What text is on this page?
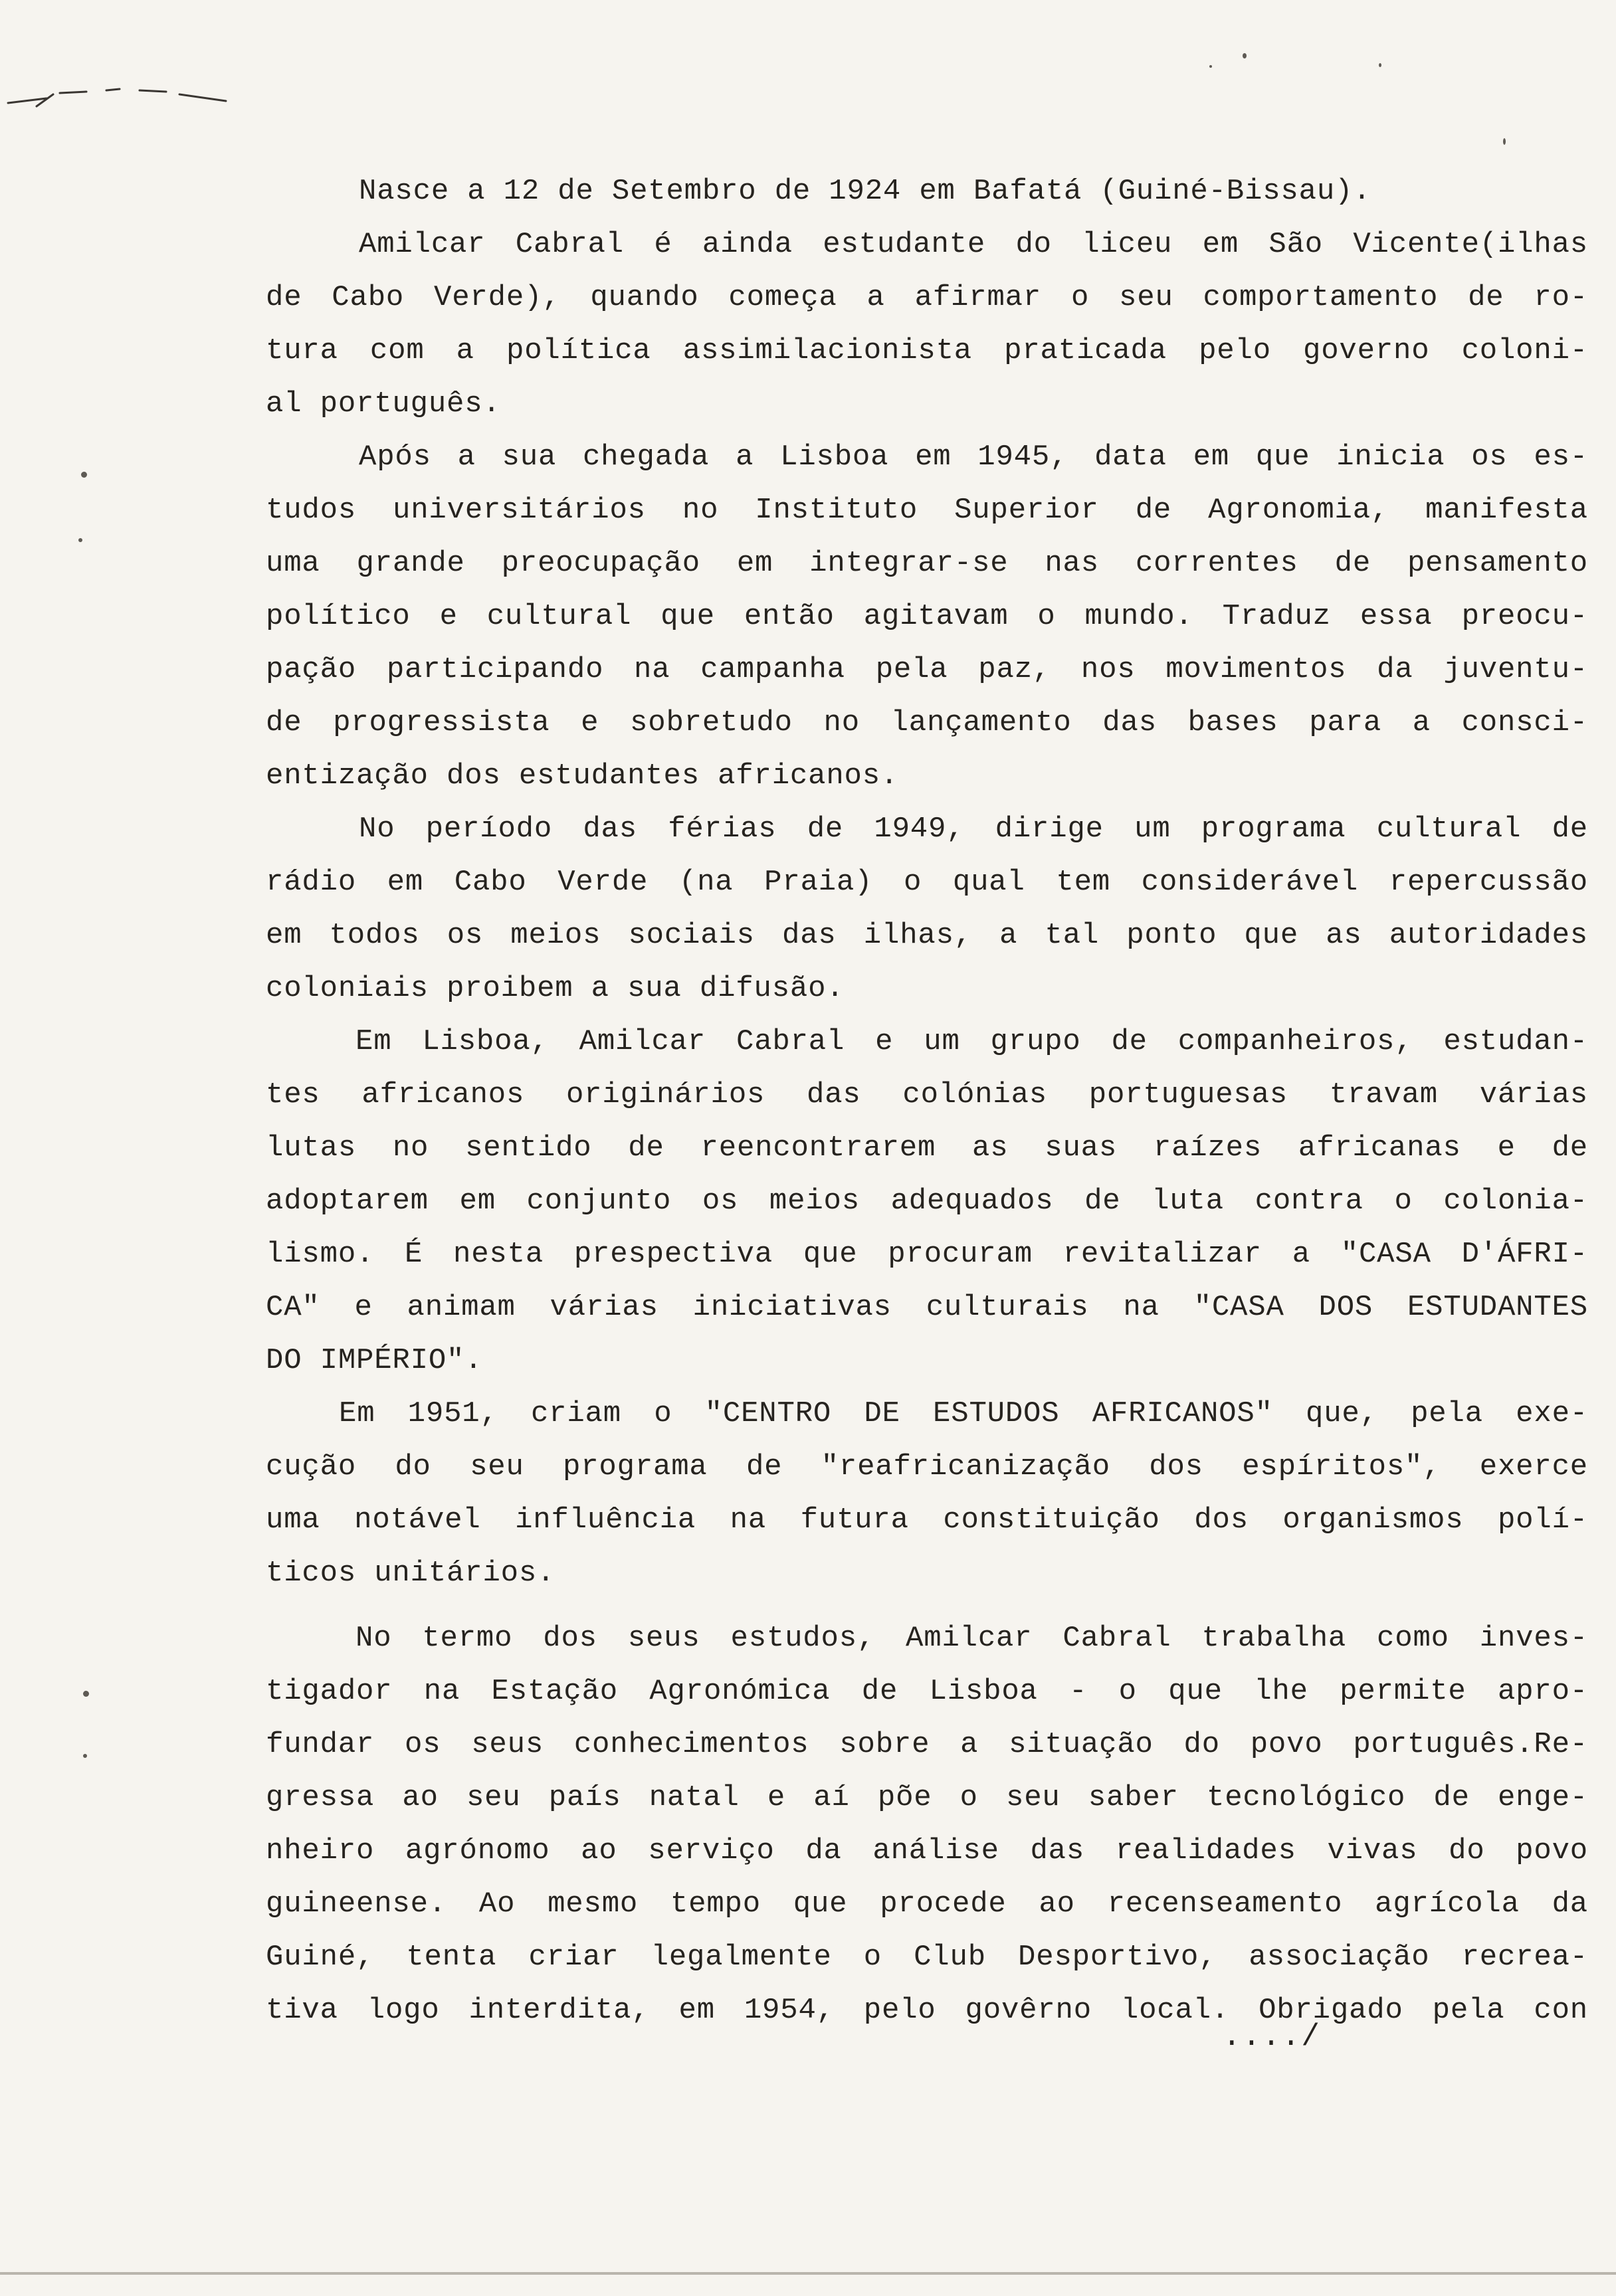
Nasce a 12 de Setembro de 1924 em Bafatá (Guiné-Bissau).
Amilcar Cabral é ainda estudante do liceu em São Vicente(ilhas
de Cabo Verde), quando começa a afirmar o seu comportamento de ro-
tura com a política assimilacionista praticada pelo governo coloni-
al português.
Após a sua chegada a Lisboa em 1945, data em que inicia os es-
tudos universitários no Instituto Superior de Agronomia, manifesta
uma grande preocupação em integrar-se nas correntes de pensamento
político e cultural que então agitavam o mundo. Traduz essa preocu-
pação participando na campanha pela paz, nos movimentos da juventu-
de progressista e sobretudo no lançamento das bases para a consci-
entização dos estudantes africanos.
No período das férias de 1949, dirige um programa cultural de
rádio em Cabo Verde (na Praia) o qual tem considerável repercussão
em todos os meios sociais das ilhas, a tal ponto que as autoridades
coloniais proibem a sua difusão.
Em Lisboa, Amilcar Cabral e um grupo de companheiros, estudan-
tes africanos originários das colónias portuguesas travam várias
lutas no sentido de reencontrarem as suas raízes africanas e de
adoptarem em conjunto os meios adequados de luta contra o colonia-
lismo. É nesta prespectiva que procuram revitalizar a "CASA D'ÁFRI-
CA" e animam várias iniciativas culturais na "CASA DOS ESTUDANTES
DO IMPÉRIO".
Em 1951, criam o "CENTRO DE ESTUDOS AFRICANOS" que, pela exe-
cução do seu programa de "reafricanização dos espíritos", exerce
uma notável influência na futura constituição dos organismos polí-
ticos unitários.
No termo dos seus estudos, Amilcar Cabral trabalha como inves-
tigador na Estação Agronómica de Lisboa - o que lhe permite apro-
fundar os seus conhecimentos sobre a situação do povo português.Re-
gressa ao seu país natal e aí põe o seu saber tecnológico de enge-
nheiro agrónomo ao serviço da análise das realidades vivas do povo
guineense. Ao mesmo tempo que procede ao recenseamento agrícola da
Guiné, tenta criar legalmente o Club Desportivo, associação recrea-
tiva logo interdita, em 1954, pelo govêrno local. Obrigado pela con
..../
